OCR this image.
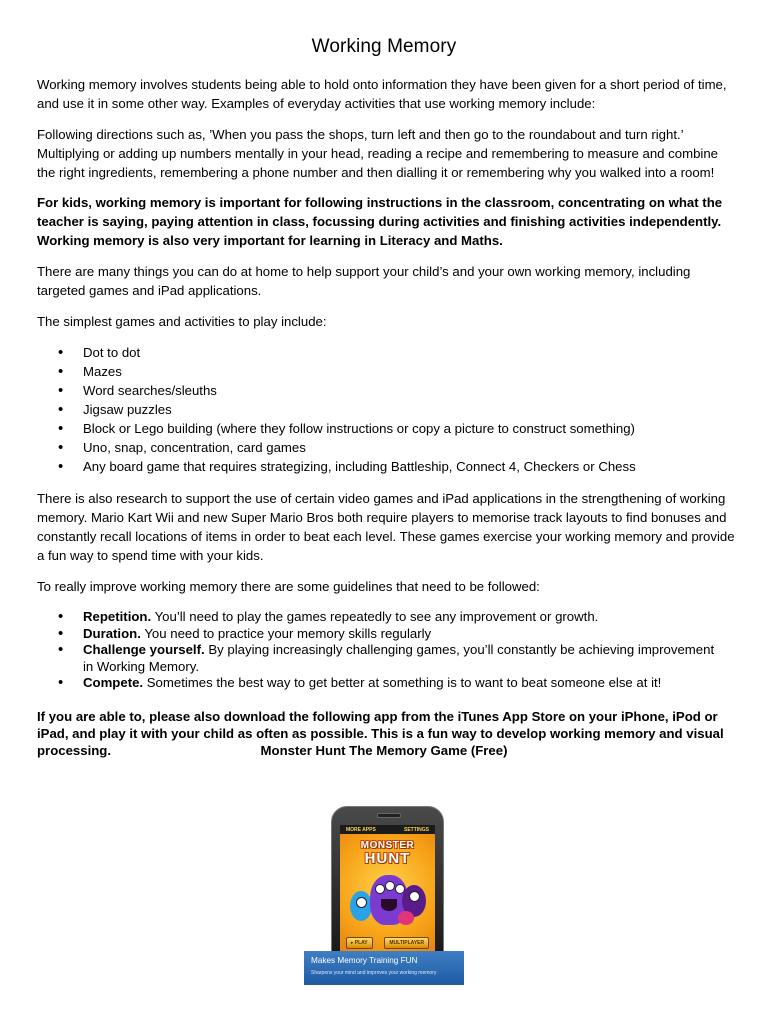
Working Memory

Working memory involves students being able to hold onto information they have been given for a short period of time, and use it in some other way. Examples of everyday activities that use working memory include:

Following directions such as, ’When you pass the shops, turn left and then go to the roundabout and turn right.’ Multiplying or adding up numbers mentally in your head, reading a recipe and remembering to measure and combine the right ingredients, remembering a phone number and then dialling it or remembering why you walked into a room!

For kids, working memory is important for following instructions in the classroom, concentrating on what the teacher is saying, paying attention in class, focussing during activities and finishing activities independently. Working memory is also very important for learning in Literacy and Maths.

There are many things you can do at home to help support your child’s and your own working memory, including targeted games and iPad applications.

The simplest games and activities to play include:

• Dot to dot
• Mazes
• Word searches/sleuths
• Jigsaw puzzles
• Block or Lego building (where they follow instructions or copy a picture to construct something)
• Uno, snap, concentration, card games
• Any board game that requires strategizing, including Battleship, Connect 4, Checkers or Chess

There is also research to support the use of certain video games and iPad applications in the strengthening of working memory. Mario Kart Wii and new Super Mario Bros both require players to memorise track layouts to find bonuses and constantly recall locations of items in order to beat each level. These games exercise your working memory and provide a fun way to spend time with your kids.

To really improve working memory there are some guidelines that need to be followed:

• Repetition. You’ll need to play the games repeatedly to see any improvement or growth.
• Duration. You need to practice your memory skills regularly
• Challenge yourself. By playing increasingly challenging games, you’ll constantly be achieving improvement in Working Memory.
• Compete. Sometimes the best way to get better at something is to want to beat someone else at it!

If you are able to, please also download the following app from the iTunes App Store on your iPhone, iPod or iPad, and play it with your child as often as possible. This is a fun way to develop working memory and visual processing.	Monster Hunt The Memory Game (Free)

MORE APPS	SETTINGS
MONSTER
HUNT
▸ PLAY	MULTIPLAYER
Makes Memory Training FUN
Sharpens your mind and improves your working memory
